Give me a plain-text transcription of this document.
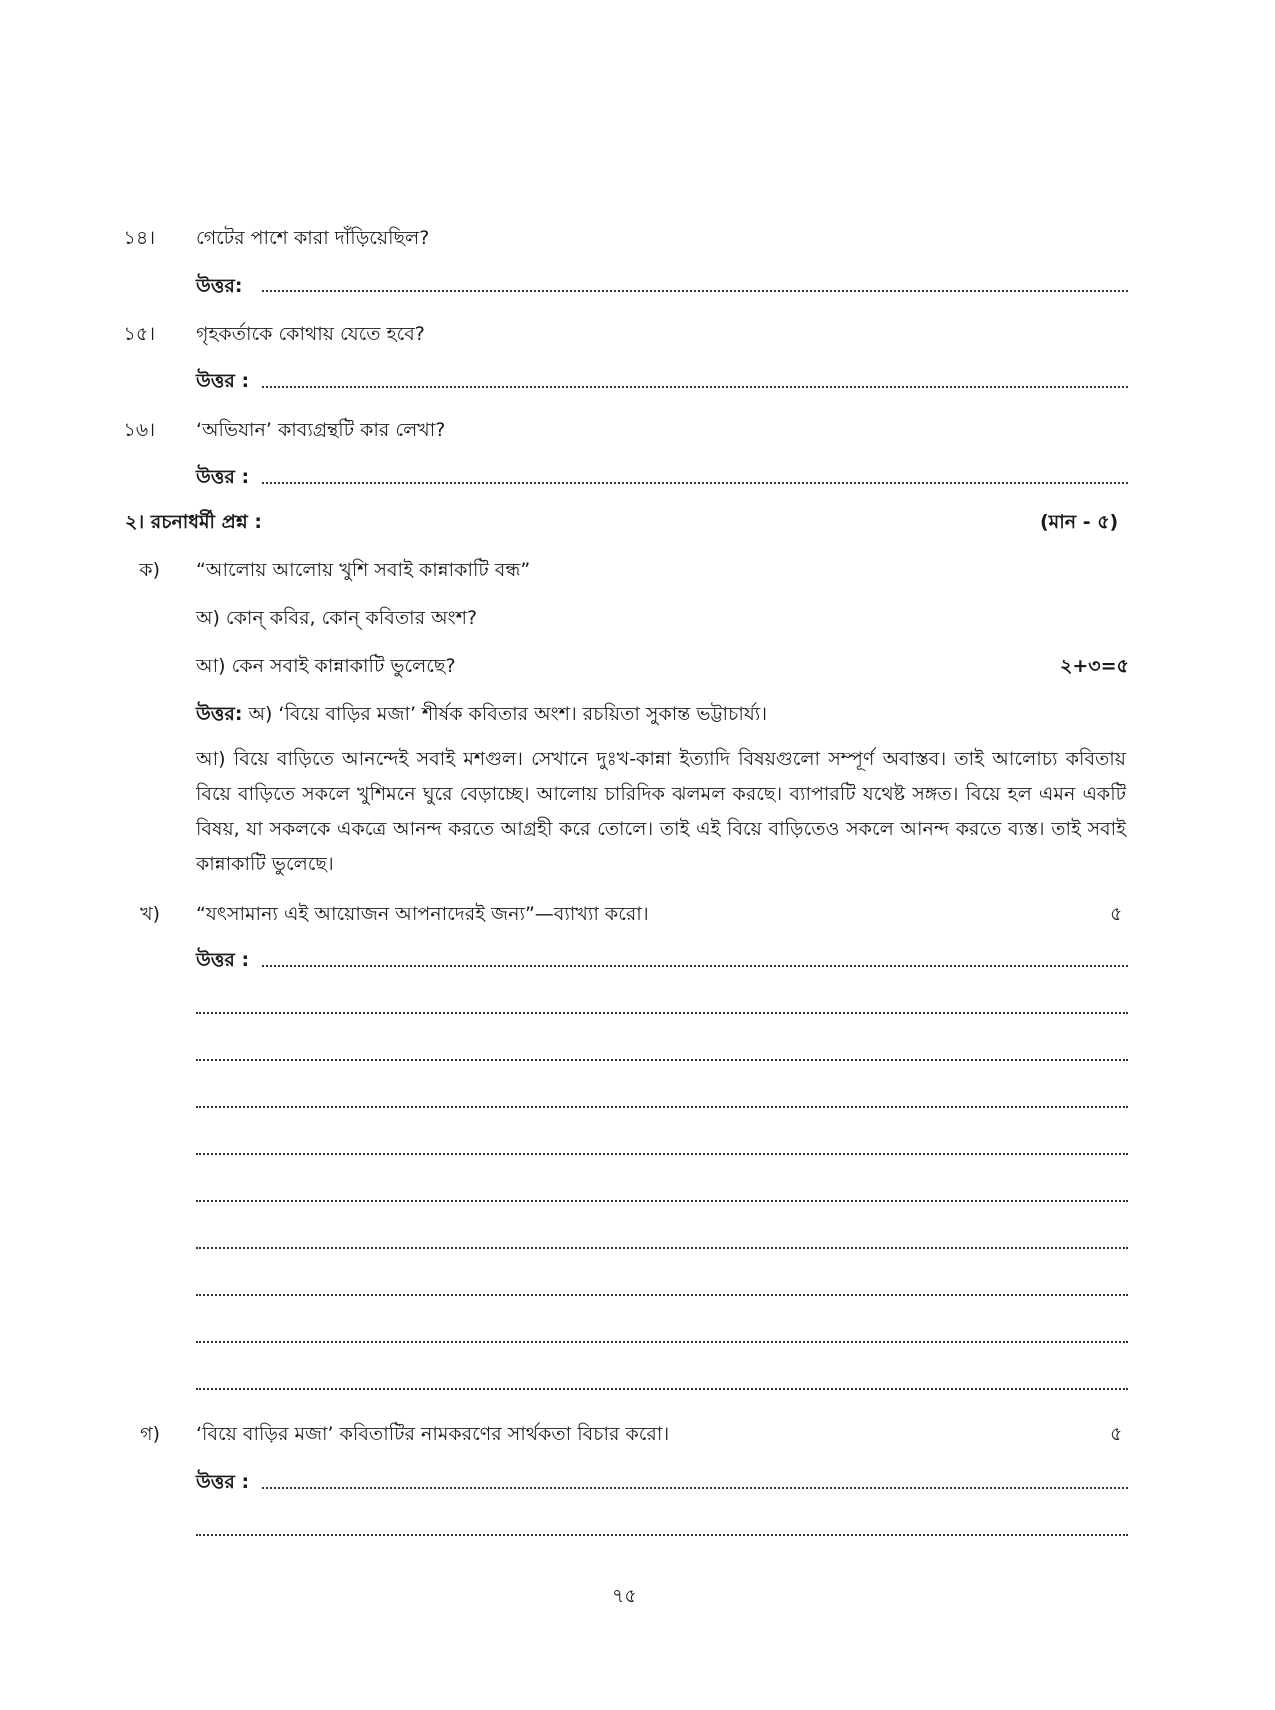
১৪। গেটের পাশে কারা দাঁড়িয়েছিল?
উত্তর:
১৫। গৃহকর্তাকে কোথায় যেতে হবে?
উত্তর :
১৬। ‘অভিযান’ কাব্যগ্রন্থটি কার লেখা?
উত্তর :
২। রচনাধর্মী প্রশ্ন :	(মান - ৫)
ক) “আলোয় আলোয় খুশি সবাই কান্নাকাটি বন্ধ”
অ) কোন্ কবির, কোন্ কবিতার অংশ?
আ) কেন সবাই কান্নাকাটি ভুলেছে?	২+৩=৫
উত্তর: অ) ‘বিয়ে বাড়ির মজা’ শীর্ষক কবিতার অংশ। রচয়িতা সুকান্ত ভট্টাচার্য্য।
আ) বিয়ে বাড়িতে আনন্দেই সবাই মশগুল। সেখানে দুঃখ-কান্না ইত্যাদি বিষয়গুলো সম্পূর্ণ অবাস্তব। তাই আলোচ্য কবিতায় বিয়ে বাড়িতে সকলে খুশিমনে ঘুরে বেড়াচ্ছে। আলোয় চারিদিক ঝলমল করছে। ব্যাপারটি যথেষ্ট সঙ্গত। বিয়ে হল এমন একটি বিষয়, যা সকলকে একত্রে আনন্দ করতে আগ্রহী করে তোলে। তাই এই বিয়ে বাড়িতেও সকলে আনন্দ করতে ব্যস্ত। তাই সবাই কান্নাকাটি ভুলেছে।
খ) “যৎসামান্য এই আয়োজন আপনাদেরই জন্য”—ব্যাখ্যা করো।	৫
উত্তর :
গ) ‘বিয়ে বাড়ির মজা’ কবিতাটির নামকরণের সার্থকতা বিচার করো।	৫
উত্তর :
৭৫
